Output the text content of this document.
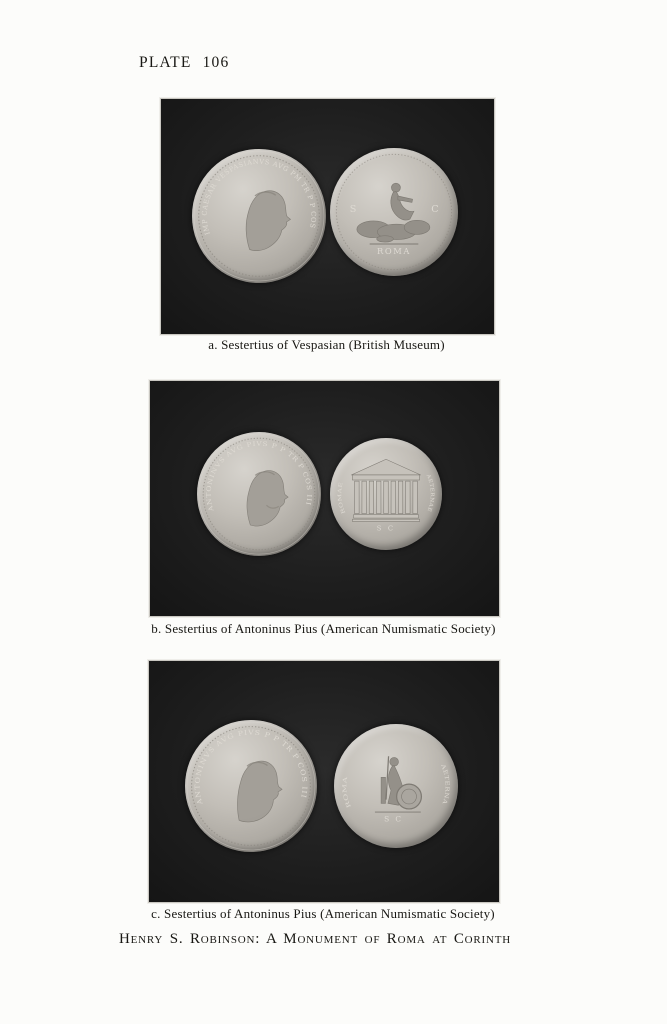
PLATE 106
IMP CAESAR VESPASIANVS AVG PM TR P P COS
S	C
ROMA
a. Sestertius of Vespasian (British Museum)
ANTONINVS AVG PIVS P P TR P COS III
ROMAE
AETERNAE
S C
b. Sestertius of Antoninus Pius (American Numismatic Society)
ANTONINVS AVG PIVS P P TR P COS III
ROMA
AETERNA
S C
c. Sestertius of Antoninus Pius (American Numismatic Society)
Henry S. Robinson: A Monument of Roma at Corinth
